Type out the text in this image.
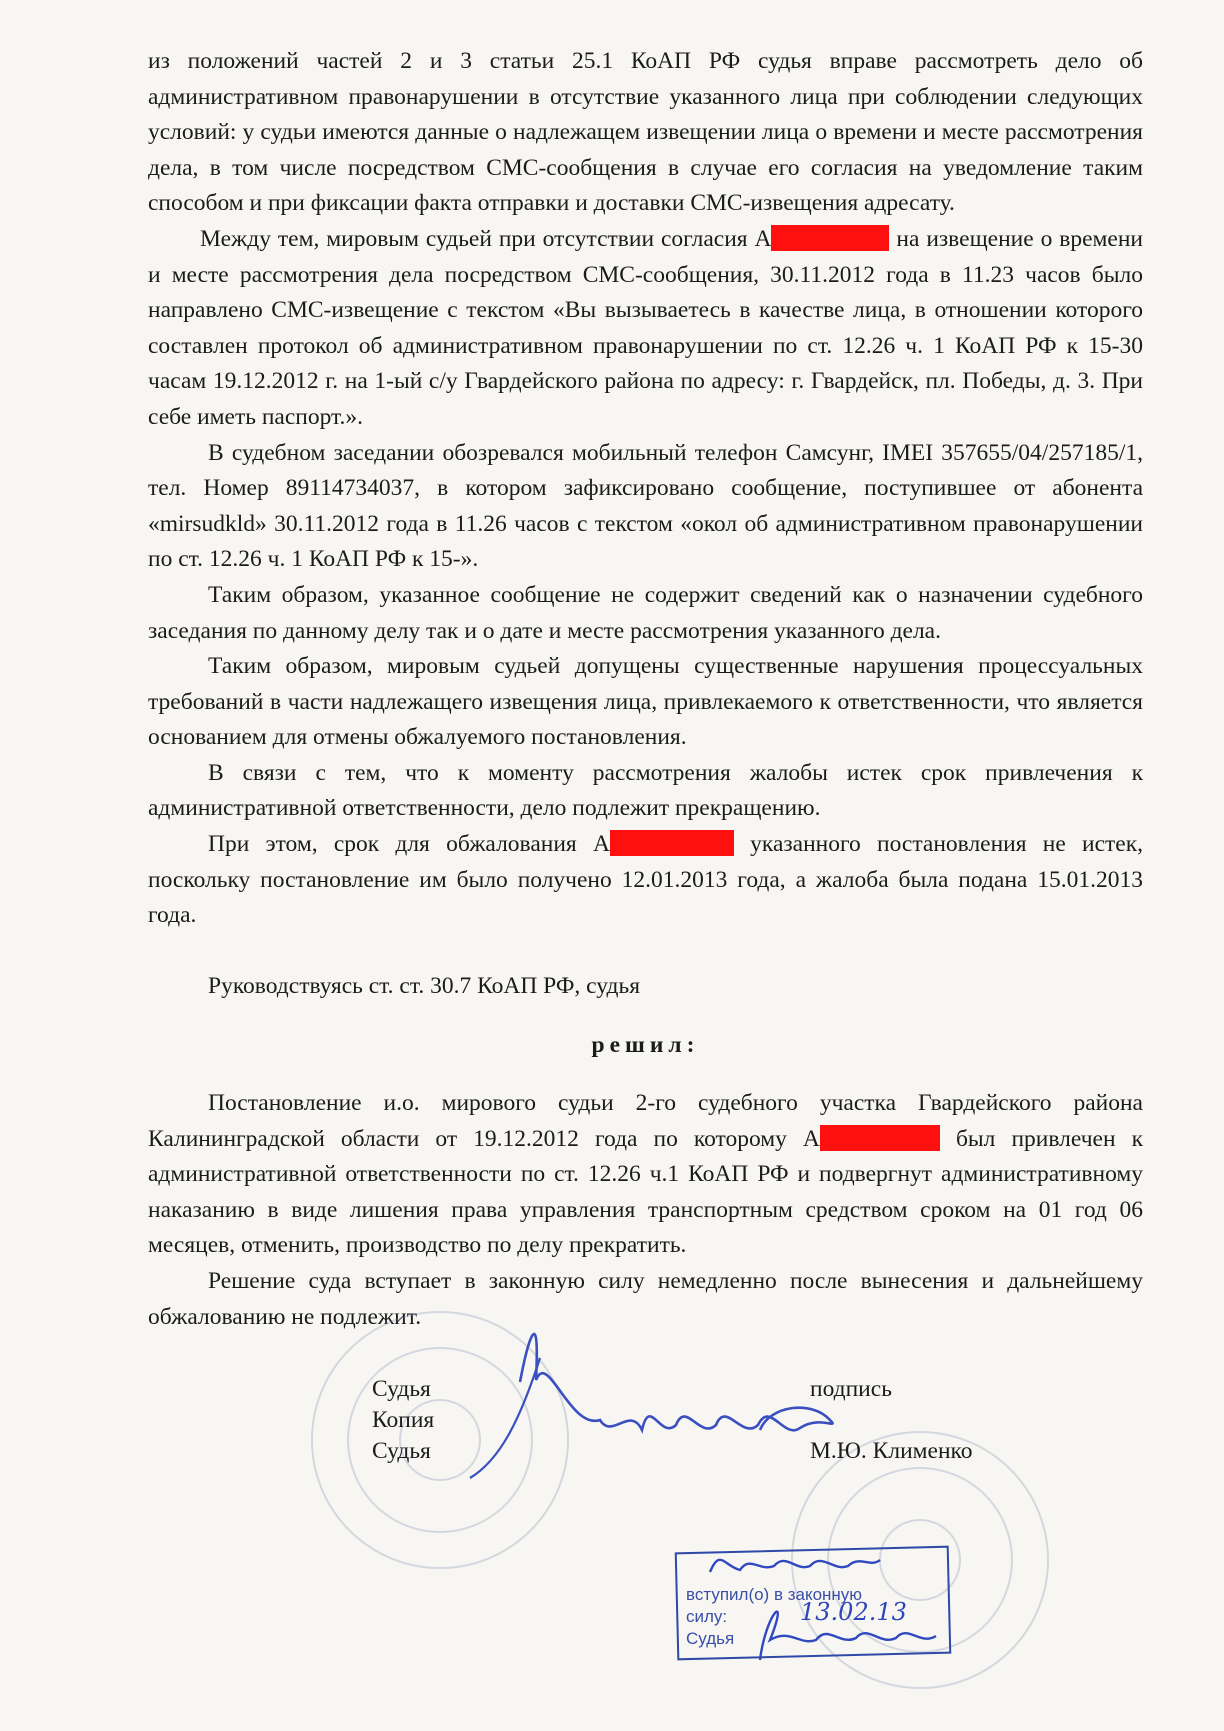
из положений частей 2 и 3 статьи 25.1 КоАП РФ судья вправе рассмотреть дело об административном правонарушении в отсутствие указанного лица при соблюдении следующих условий: у судьи имеются данные о надлежащем извещении лица о времени и месте рассмотрения дела, в том числе посредством СМС-сообщения в случае его согласия на уведомление таким способом и при фиксации факта отправки и доставки СМС-извещения адресату.

Между тем, мировым судьей при отсутствии согласия А	на извещение о времени и месте рассмотрения дела посредством СМС-сообщения, 30.11.2012 года в 11.23 часов было направлено СМС-извещение с текстом «Вы вызываетесь в качестве лица, в отношении которого составлен протокол об административном правонарушении по ст. 12.26 ч. 1 КоАП РФ к 15-30 часам 19.12.2012 г. на 1-ый с/у Гвардейского района по адресу: г. Гвардейск, пл. Победы, д. 3. При себе иметь паспорт.».

В судебном заседании обозревался мобильный телефон Самсунг, IMEI 357655/04/257185/1, тел. Номер 89114734037, в котором зафиксировано сообщение, поступившее от абонента «mirsudkld» 30.11.2012 года в 11.26 часов с текстом «окол об административном правонарушении по ст. 12.26 ч. 1 КоАП РФ к 15-».

Таким образом, указанное сообщение не содержит сведений как о назначении судебного заседания по данному делу так и о дате и месте рассмотрения указанного дела.

Таким образом, мировым судьей допущены существенные нарушения процессуальных требований в части надлежащего извещения лица, привлекаемого к ответственности, что является основанием для отмены обжалуемого постановления.

В связи с тем, что к моменту рассмотрения жалобы истек срок привлечения к административной ответственности, дело подлежит прекращению.

При этом, срок для обжалования А	указанного постановления не истек, поскольку постановление им было получено 12.01.2013 года, а жалоба была подана 15.01.2013 года.

Руководствуясь ст. ст. 30.7 КоАП РФ, судья

решил:

Постановление и.о. мирового судьи 2-го судебного участка Гвардейского района Калининградской области от 19.12.2012 года по которому А	был привлечен к административной ответственности по ст. 12.26 ч.1 КоАП РФ и подвергнут административному наказанию в виде лишения права управления транспортным средством сроком на 01 год 06 месяцев, отменить, производство по делу прекратить.

Решение суда вступает в законную силу немедленно после вынесения и дальнейшему обжалованию не подлежит.

Судья
Копия
Судья
подпись
М.Ю. Клименко
вступил(о) в законную
силу:	13.02.13
Судья
